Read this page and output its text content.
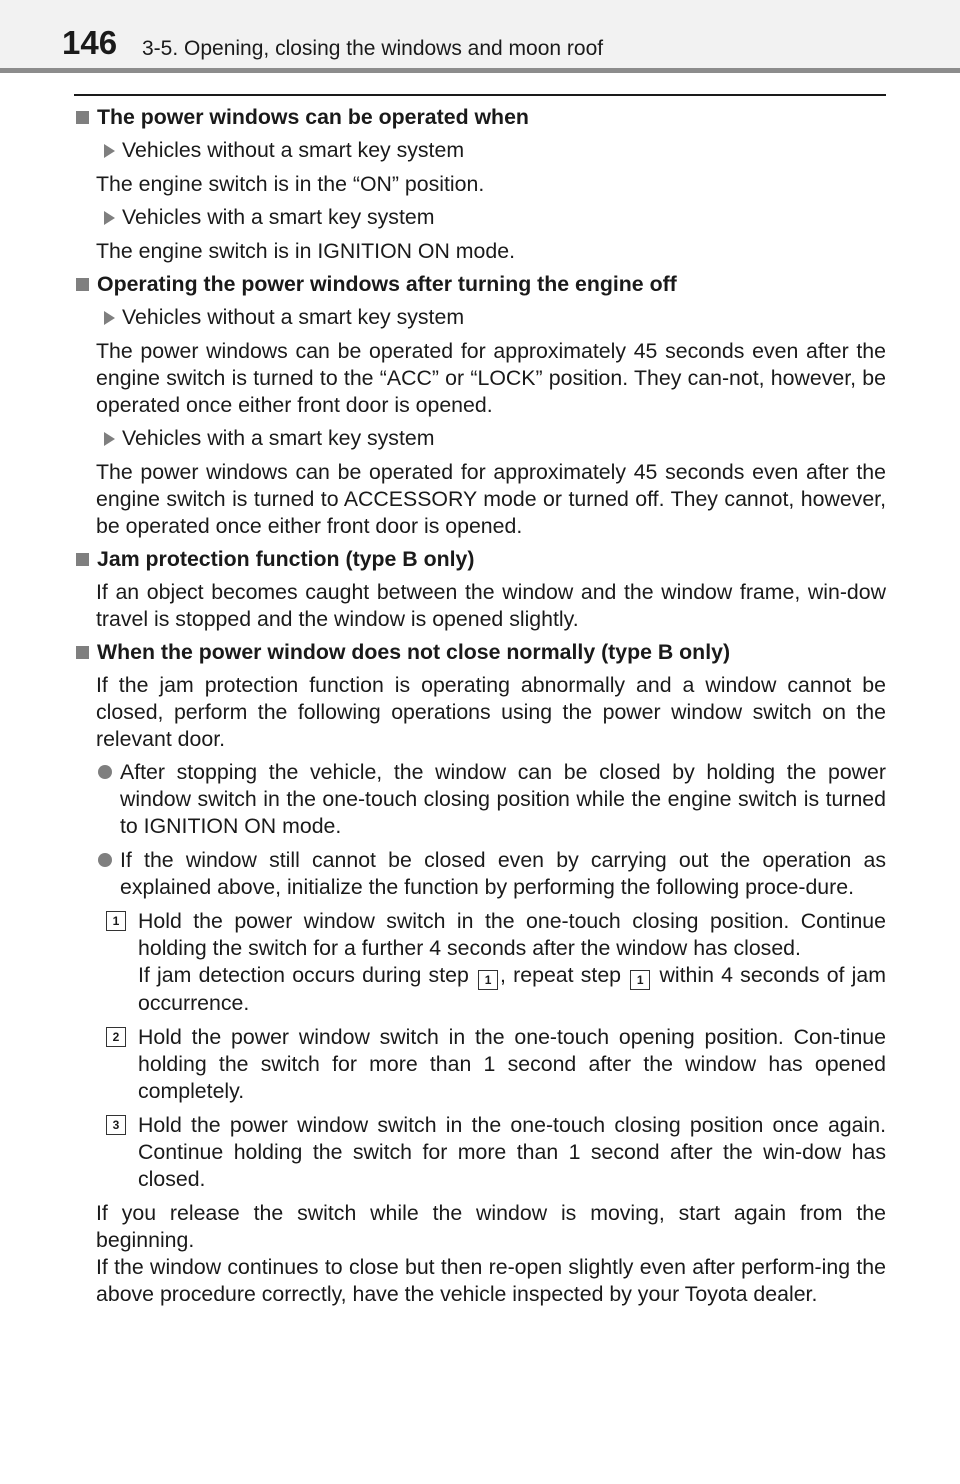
146 3-5. Opening, closing the windows and moon roof
The power windows can be operated when
Vehicles without a smart key system

The engine switch is in the “ON” position.

Vehicles with a smart key system

The engine switch is in IGNITION ON mode.

Operating the power windows after turning the engine off
Vehicles without a smart key system

The power windows can be operated for approximately 45 seconds even after the engine switch is turned to the “ACC” or “LOCK” position. They can-not, however, be operated once either front door is opened.

Vehicles with a smart key system

The power windows can be operated for approximately 45 seconds even after the engine switch is turned to ACCESSORY mode or turned off. They cannot, however, be operated once either front door is opened.

Jam protection function (type B only)

If an object becomes caught between the window and the window frame, win-dow travel is stopped and the window is opened slightly.

When the power window does not close normally (type B only)

If the jam protection function is operating abnormally and a window cannot be closed, perform the following operations using the power window switch on the relevant door.

After stopping the vehicle, the window can be closed by holding the power window switch in the one-touch closing position while the engine switch is turned to IGNITION ON mode.
If the window still cannot be closed even by carrying out the operation as explained above, initialize the function by performing the following proce-dure.
1 Hold the power window switch in the one-touch closing position. Continue holding the switch for a further 4 seconds after the window has closed.

If jam detection occurs during step 1 , repeat step 1 within 4 seconds of jam occurrence.

2 Hold the power window switch in the one-touch opening position. Con-tinue holding the switch for more than 1 second after the window has opened completely.

3 Hold the power window switch in the one-touch closing position once again. Continue holding the switch for more than 1 second after the win-dow has closed.

If you release the switch while the window is moving, start again from the beginning.

If the window continues to close but then re-open slightly even after perform-ing the above procedure correctly, have the vehicle inspected by your Toyota dealer.
